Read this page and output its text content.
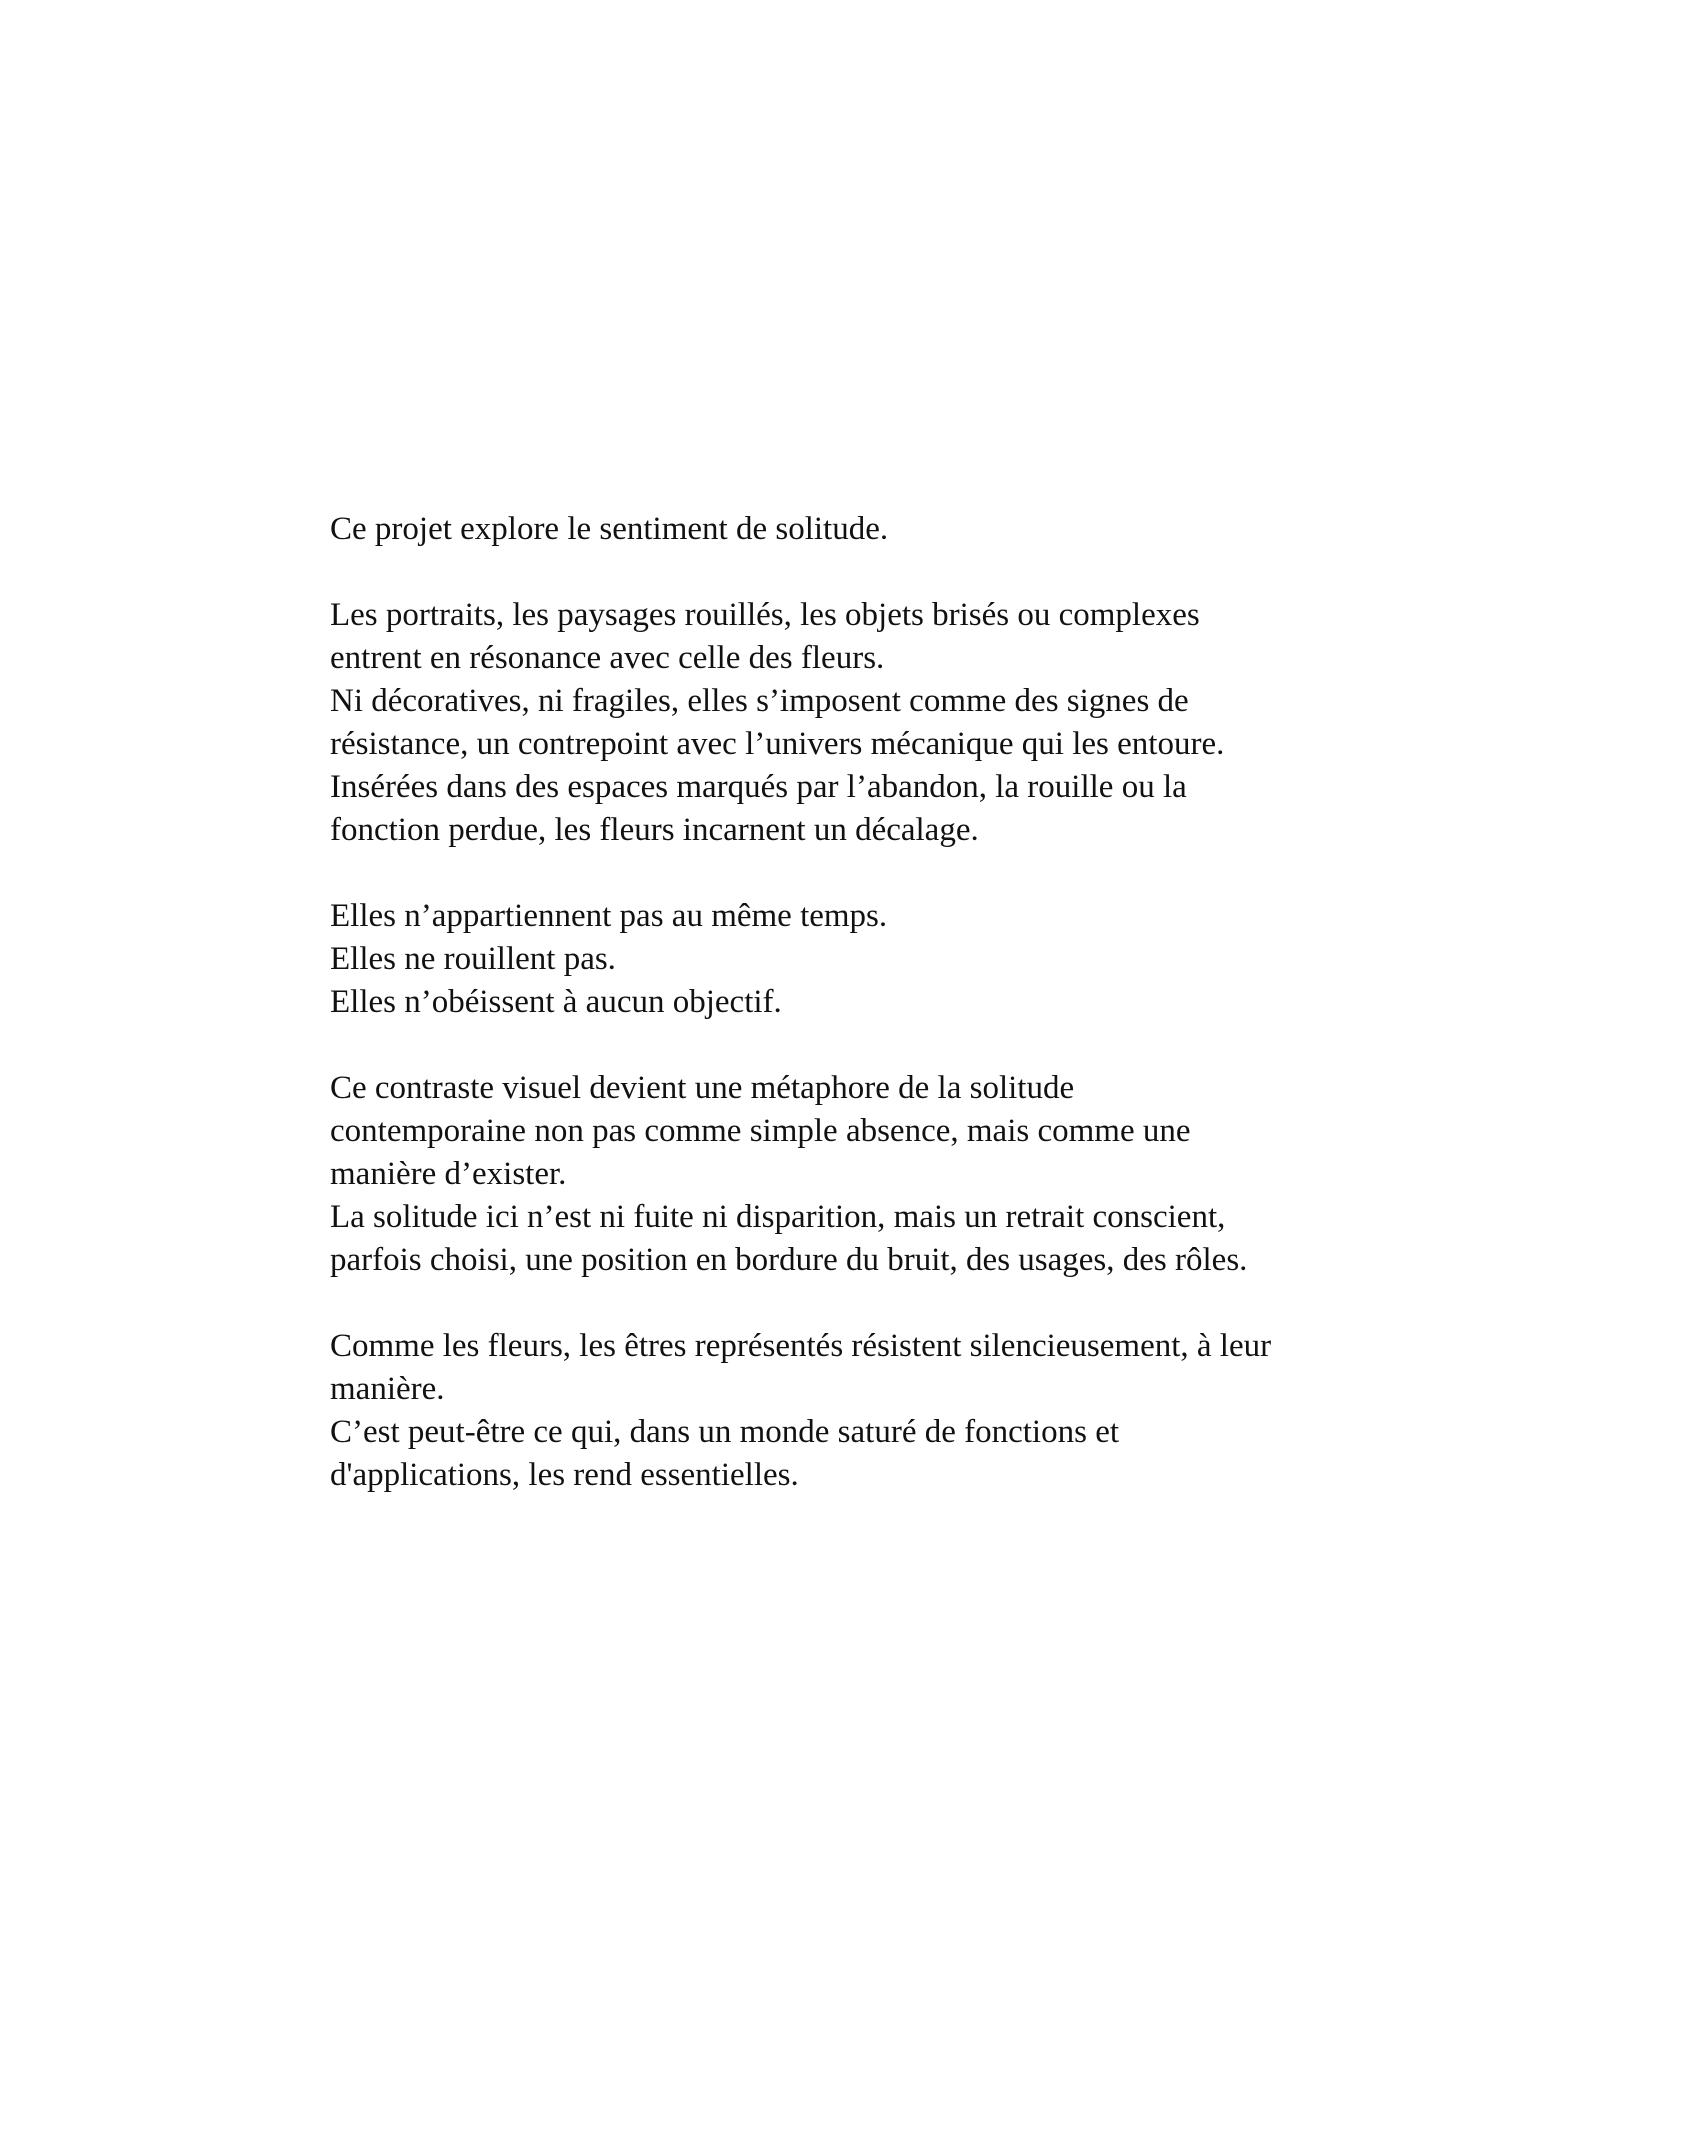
Ce projet explore le sentiment de solitude.

Les portraits, les paysages rouillés, les objets brisés ou complexes
entrent en résonance avec celle des fleurs.
Ni décoratives, ni fragiles, elles s’imposent comme des signes de
résistance, un contrepoint avec l’univers mécanique qui les entoure.
Insérées dans des espaces marqués par l’abandon, la rouille ou la
fonction perdue, les fleurs incarnent un décalage.

Elles n’appartiennent pas au même temps.
Elles ne rouillent pas.
Elles n’obéissent à aucun objectif.

Ce contraste visuel devient une métaphore de la solitude
contemporaine non pas comme simple absence, mais comme une
manière d’exister.
La solitude ici n’est ni fuite ni disparition, mais un retrait conscient,
parfois choisi, une position en bordure du bruit, des usages, des rôles.

Comme les fleurs, les êtres représentés résistent silencieusement, à leur
manière.
C’est peut-être ce qui, dans un monde saturé de fonctions et
d'applications, les rend essentielles.
